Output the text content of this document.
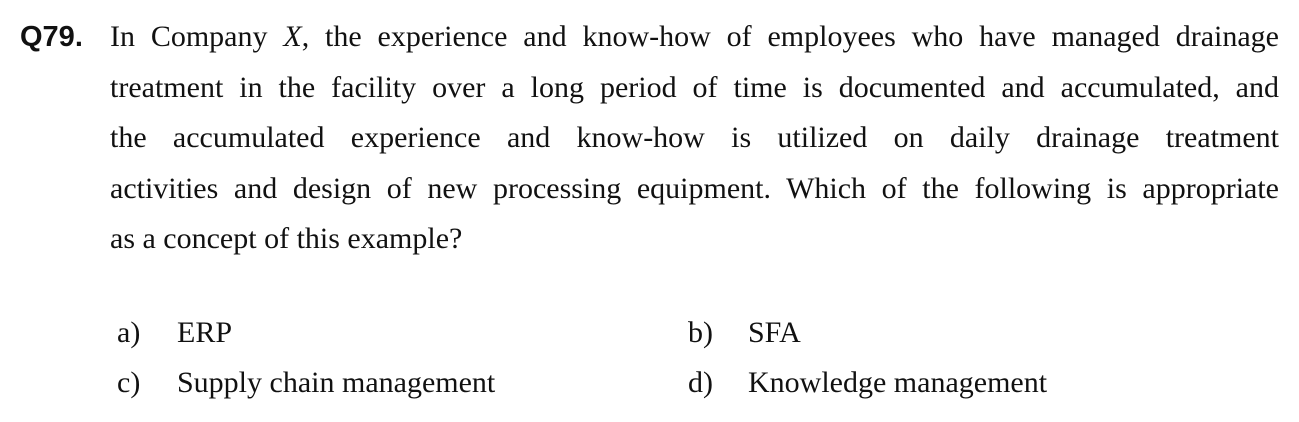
Q79. In Company X, the experience and know-how of employees who have managed drainage
treatment in the facility over a long period of time is documented and accumulated, and
the accumulated experience and know-how is utilized on daily drainage treatment
activities and design of new processing equipment. Which of the following is appropriate
as a concept of this example?
a) ERP	b) SFA
c) Supply chain management	d) Knowledge management
